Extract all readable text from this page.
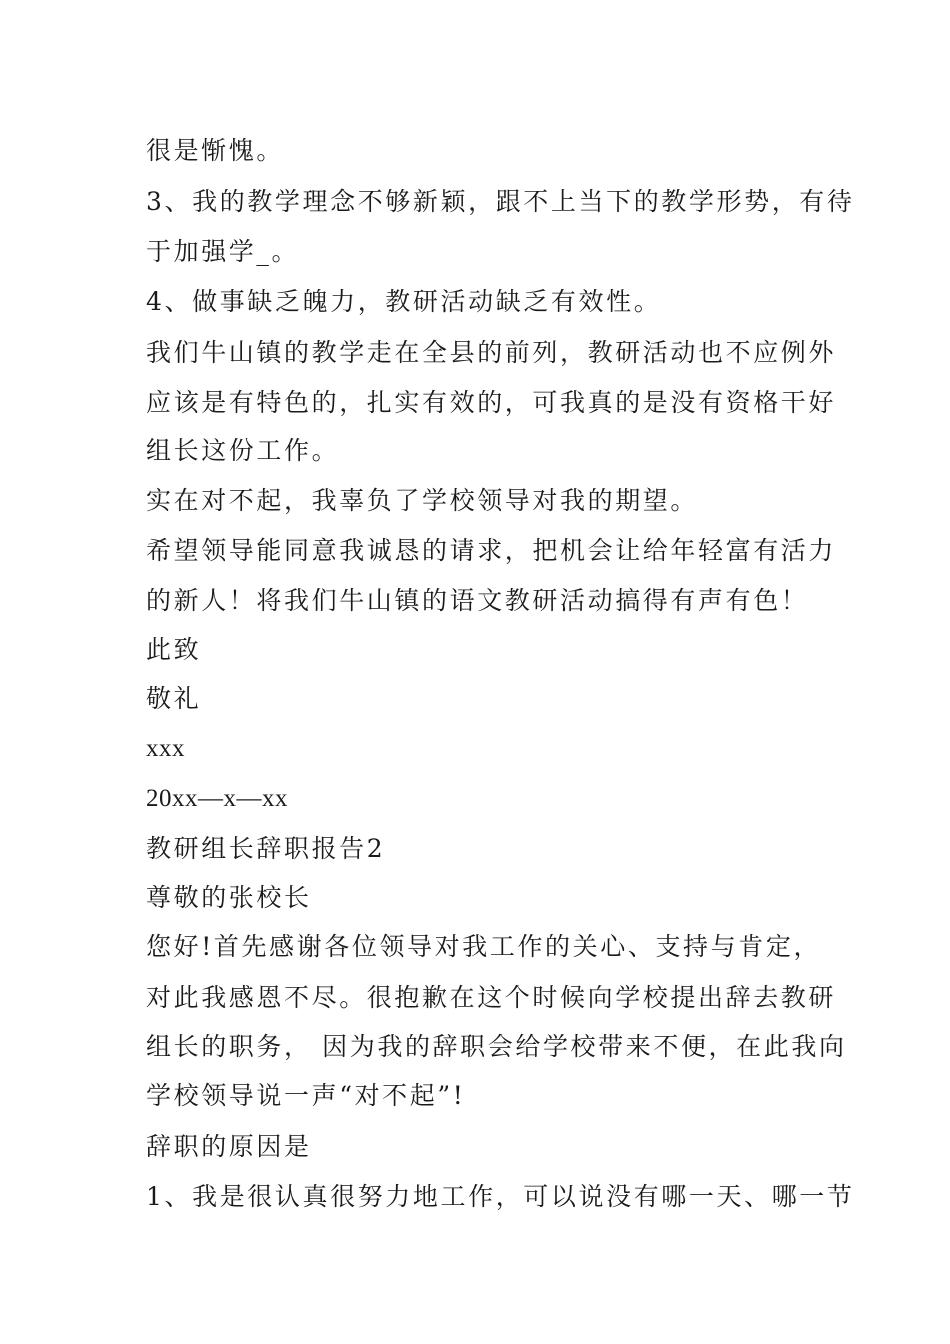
很是惭愧。

3、我的教学理念不够新颖，跟不上当下的教学形势，有待

于加强学_。

4、做事缺乏魄力，教研活动缺乏有效性。

我们牛山镇的教学走在全县的前列，教研活动也不应例外

应该是有特色的，扎实有效的，可我真的是没有资格干好

组长这份工作。

实在对不起，我辜负了学校领导对我的期望。

希望领导能同意我诚恳的请求，把机会让给年轻富有活力

的新人！将我们牛山镇的语文教研活动搞得有声有色！

此致

敬礼

xxx

20xx—x—xx

教研组长辞职报告2

尊敬的张校长

您好!首先感谢各位领导对我工作的关心、支持与肯定，

对此我感恩不尽。很抱歉在这个时候向学校提出辞去教研

组长的职务， 因为我的辞职会给学校带来不便，在此我向

学校领导说一声“对不起”!

辞职的原因是

1、我是很认真很努力地工作，可以说没有哪一天、哪一节
